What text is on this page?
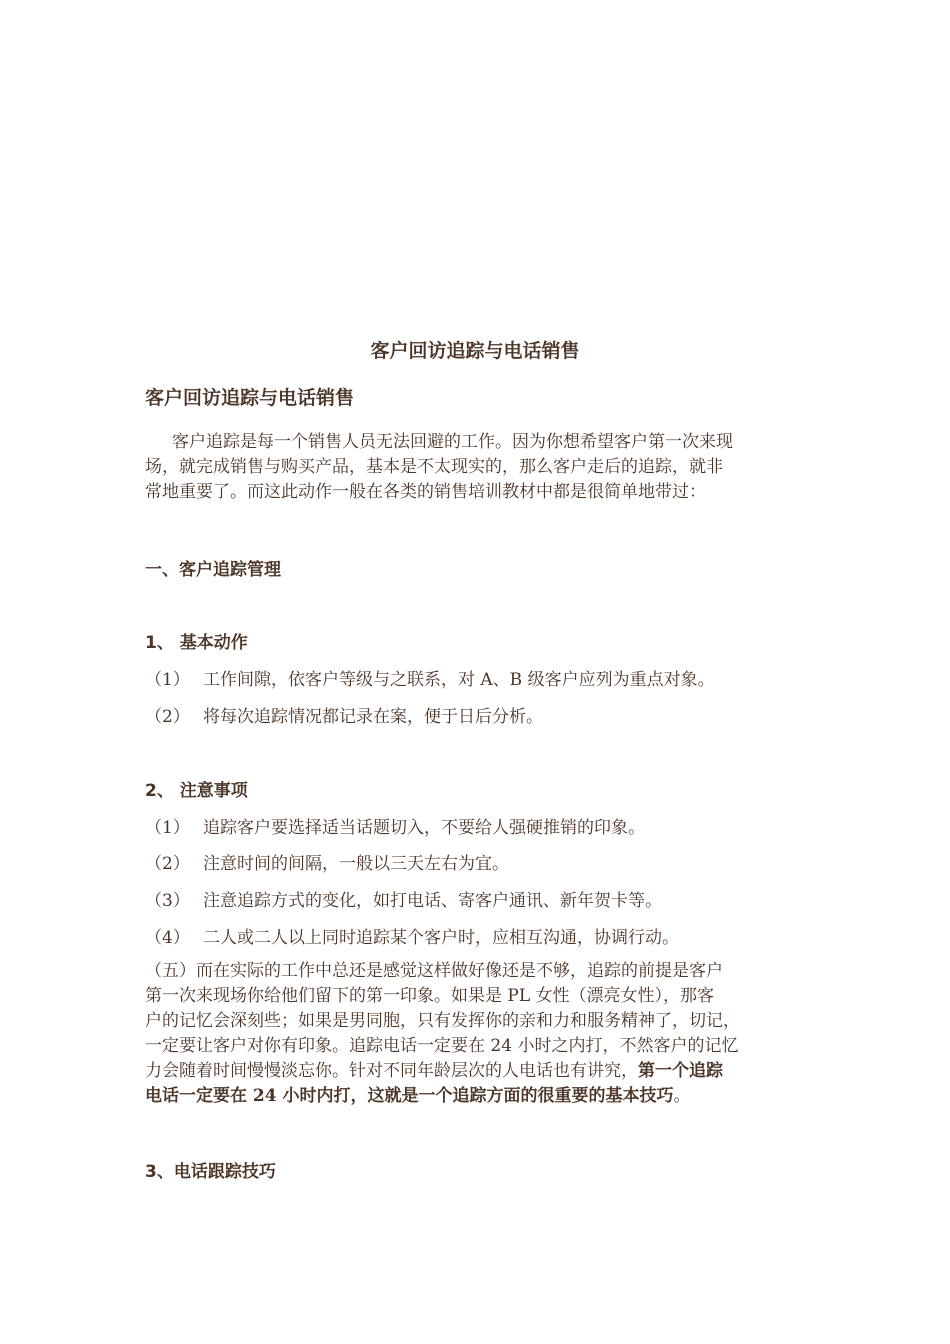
客户回访追踪与电话销售
客户回访追踪与电话销售
客户追踪是每一个销售人员无法回避的工作。因为你想希望客户第一次来现
场，就完成销售与购买产品，基本是不太现实的，那么客户走后的追踪，就非
常地重要了。而这此动作一般在各类的销售培训教材中都是很简单地带过：
一、客户追踪管理
1、 基本动作
（1） 工作间隙，依客户等级与之联系，对 A、B 级客户应列为重点对象。
（2） 将每次追踪情况都记录在案，便于日后分析。
2、 注意事项
（1） 追踪客户要选择适当话题切入，不要给人强硬推销的印象。
（2） 注意时间的间隔，一般以三天左右为宜。
（3） 注意追踪方式的变化，如打电话、寄客户通讯、新年贺卡等。
（4） 二人或二人以上同时追踪某个客户时，应相互沟通，协调行动。
（五）而在实际的工作中总还是感觉这样做好像还是不够，追踪的前提是客户
第一次来现场你给他们留下的第一印象。如果是 PL 女性（漂亮女性），那客
户的记忆会深刻些；如果是男同胞，只有发挥你的亲和力和服务精神了，切记，
一定要让客户对你有印象。追踪电话一定要在 24 小时之内打，不然客户的记忆
力会随着时间慢慢淡忘你。针对不同年龄层次的人电话也有讲究，第一个追踪
电话一定要在 24 小时内打，这就是一个追踪方面的很重要的基本技巧。
3、电话跟踪技巧
